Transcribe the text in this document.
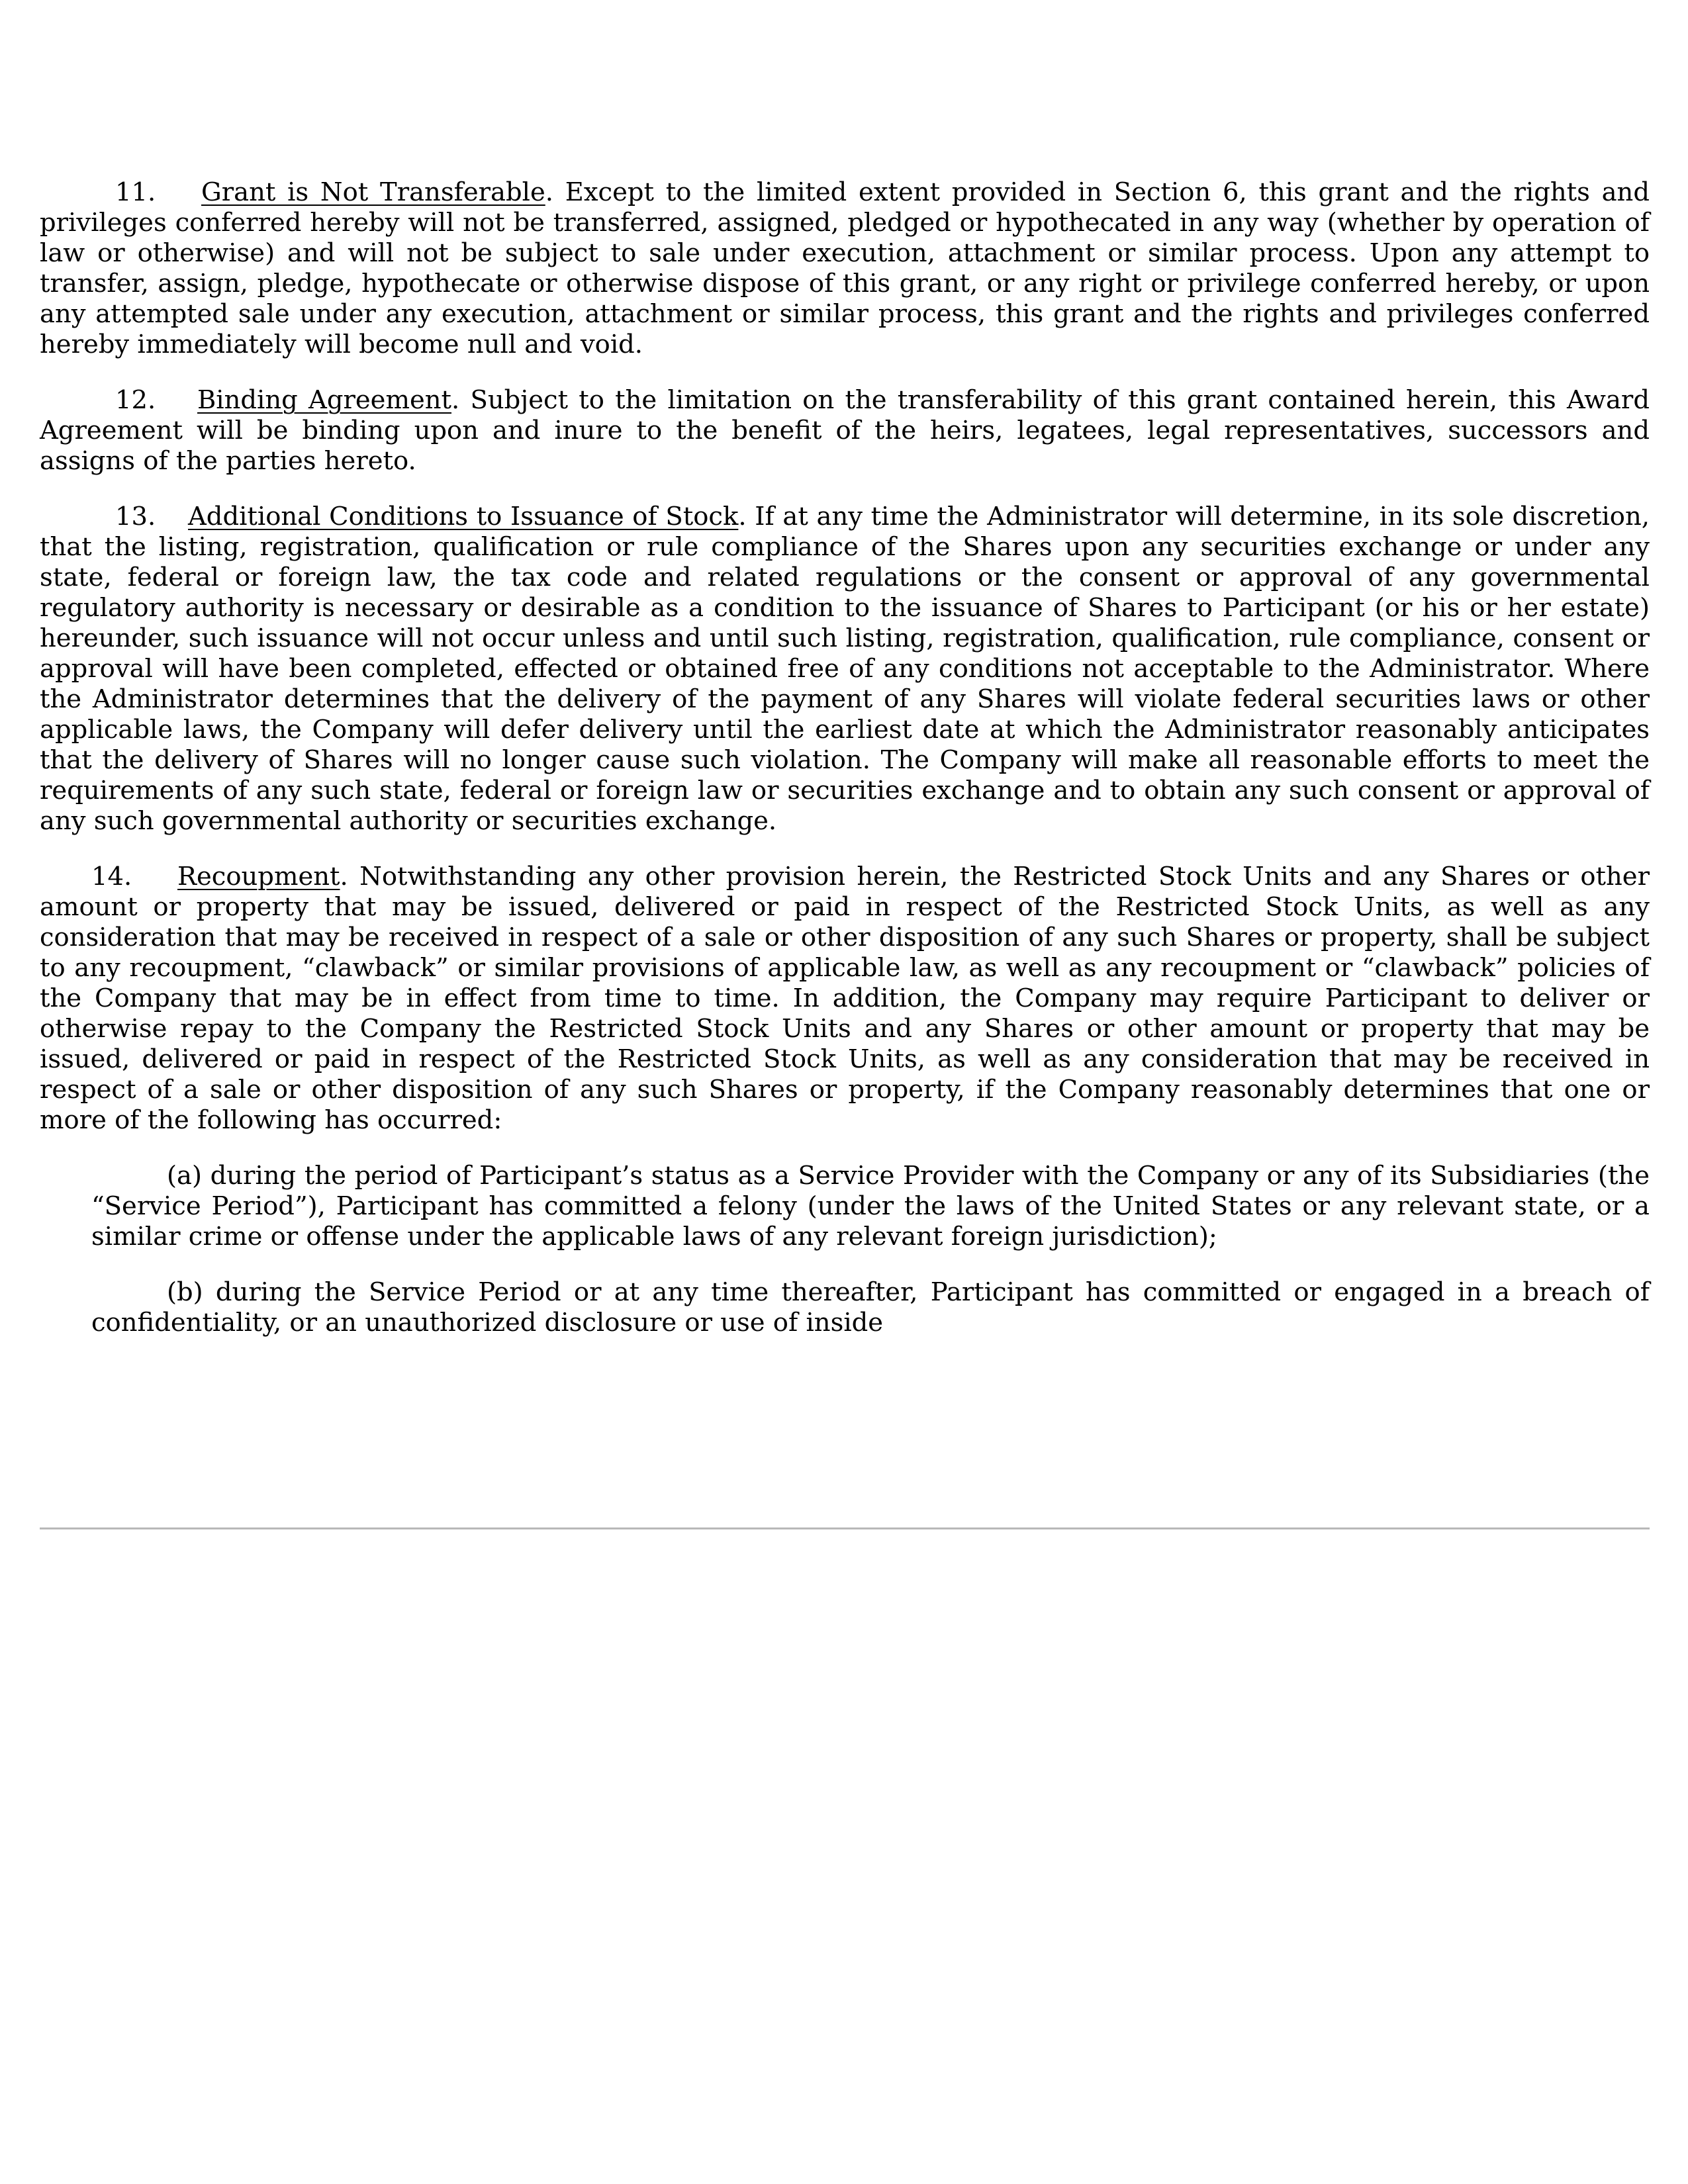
11. Grant is Not Transferable. Except to the limited extent provided in Section 6, this grant and the rights and privileges conferred hereby will not be transferred, assigned, pledged or hypothecated in any way (whether by operation of law or otherwise) and will not be subject to sale under execution, attachment or similar process. Upon any attempt to transfer, assign, pledge, hypothecate or otherwise dispose of this grant, or any right or privilege conferred hereby, or upon any attempted sale under any execution, attachment or similar process, this grant and the rights and privileges conferred hereby immediately will become null and void.

12. Binding Agreement. Subject to the limitation on the transferability of this grant contained herein, this Award Agreement will be binding upon and inure to the benefit of the heirs, legatees, legal representatives, successors and assigns of the parties hereto.

13. Additional Conditions to Issuance of Stock. If at any time the Administrator will determine, in its sole discretion, that the listing, registration, qualification or rule compliance of the Shares upon any securities exchange or under any state, federal or foreign law, the tax code and related regulations or the consent or approval of any governmental regulatory authority is necessary or desirable as a condition to the issuance of Shares to Participant (or his or her estate) hereunder, such issuance will not occur unless and until such listing, registration, qualification, rule compliance, consent or approval will have been completed, effected or obtained free of any conditions not acceptable to the Administrator. Where the Administrator determines that the delivery of the payment of any Shares will violate federal securities laws or other applicable laws, the Company will defer delivery until the earliest date at which the Administrator reasonably anticipates that the delivery of Shares will no longer cause such violation. The Company will make all reasonable efforts to meet the requirements of any such state, federal or foreign law or securities exchange and to obtain any such consent or approval of any such governmental authority or securities exchange.

14. Recoupment. Notwithstanding any other provision herein, the Restricted Stock Units and any Shares or other amount or property that may be issued, delivered or paid in respect of the Restricted Stock Units, as well as any consideration that may be received in respect of a sale or other disposition of any such Shares or property, shall be subject to any recoupment, “clawback” or similar provisions of applicable law, as well as any recoupment or “clawback” policies of the Company that may be in effect from time to time. In addition, the Company may require Participant to deliver or otherwise repay to the Company the Restricted Stock Units and any Shares or other amount or property that may be issued, delivered or paid in respect of the Restricted Stock Units, as well as any consideration that may be received in respect of a sale or other disposition of any such Shares or property, if the Company reasonably determines that one or more of the following has occurred:

(a) during the period of Participant’s status as a Service Provider with the Company or any of its Subsidiaries (the “Service Period”), Participant has committed a felony (under the laws of the United States or any relevant state, or a similar crime or offense under the applicable laws of any relevant foreign jurisdiction);

(b) during the Service Period or at any time thereafter, Participant has committed or engaged in a breach of confidentiality, or an unauthorized disclosure or use of inside
